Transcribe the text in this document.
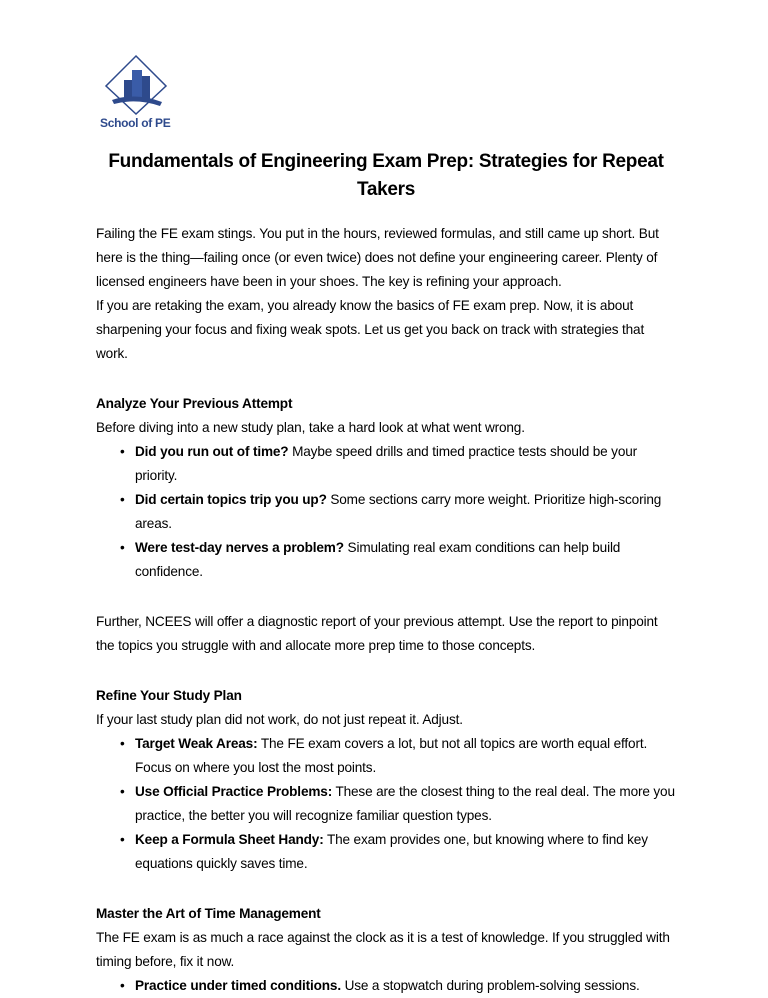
School of PE
Fundamentals of Engineering Exam Prep: Strategies for Repeat Takers

Failing the FE exam stings. You put in the hours, reviewed formulas, and still came up short. But here is the thing—failing once (or even twice) does not define your engineering career. Plenty of licensed engineers have been in your shoes. The key is refining your approach.

If you are retaking the exam, you already know the basics of FE exam prep. Now, it is about sharpening your focus and fixing weak spots. Let us get you back on track with strategies that work.

Analyze Your Previous Attempt

Before diving into a new study plan, take a hard look at what went wrong.

• Did you run out of time? Maybe speed drills and timed practice tests should be your priority.
• Did certain topics trip you up? Some sections carry more weight. Prioritize high-scoring areas.
• Were test-day nerves a problem? Simulating real exam conditions can help build confidence.

Further, NCEES will offer a diagnostic report of your previous attempt. Use the report to pinpoint the topics you struggle with and allocate more prep time to those concepts.

Refine Your Study Plan

If your last study plan did not work, do not just repeat it. Adjust.

• Target Weak Areas: The FE exam covers a lot, but not all topics are worth equal effort. Focus on where you lost the most points.
• Use Official Practice Problems: These are the closest thing to the real deal. The more you practice, the better you will recognize familiar question types.
• Keep a Formula Sheet Handy: The exam provides one, but knowing where to find key equations quickly saves time.
Master the Art of Time Management

The FE exam is as much a race against the clock as it is a test of knowledge. If you struggled with timing before, fix it now.

• Practice under timed conditions. Use a stopwatch during problem-solving sessions.
